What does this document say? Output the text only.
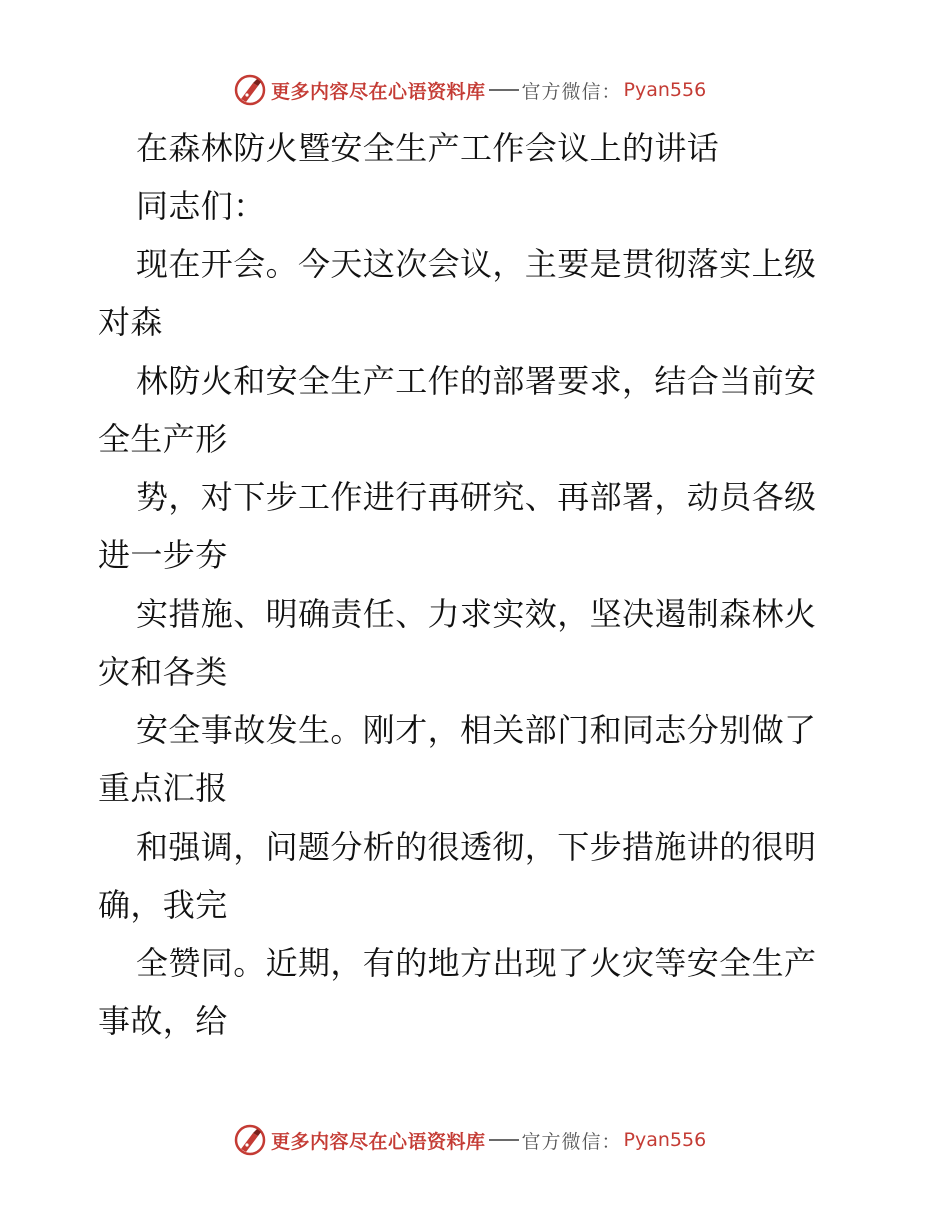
更多内容尽在心语资料库 官方微信： Pyan556
在森林防火暨安全生产工作会议上的讲话
同志们：
现在开会。今天这次会议，主要是贯彻落实上级
对森
林防火和安全生产工作的部署要求，结合当前安
全生产形
势，对下步工作进行再研究、再部署，动员各级
进一步夯
实措施、明确责任、力求实效，坚决遏制森林火
灾和各类
安全事故发生。刚才，相关部门和同志分别做了
重点汇报
和强调，问题分析的很透彻，下步措施讲的很明
确，我完
全赞同。近期，有的地方出现了火灾等安全生产
事故，给
更多内容尽在心语资料库 官方微信： Pyan556
